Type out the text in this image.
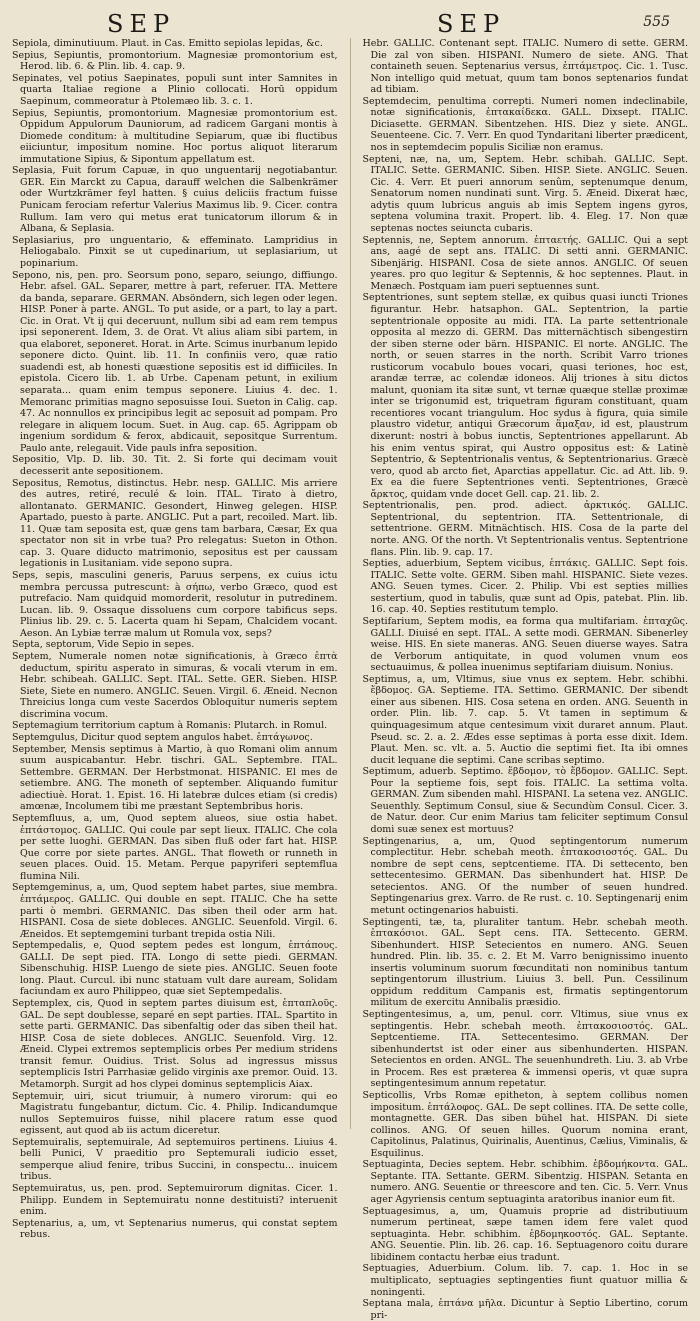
SEP	SEP	555

Sepiola, diminutiuum. Plaut. in Cas. Emitto sepiolas lepidas, &c.

Sepius, Sepiuntis, promontorium. Magnesiæ promontorium est, Herod. lib. 6. & Plin. lib. 4. cap. 9.

Sepinates, vel potius Saepinates, populi sunt inter Samnites in quarta Italiae regione a Plinio collocati. Horū oppidum Saepinum, commeoratur à Ptolemæo lib. 3. c. 1.

Sepius, Sepiuntis, promontorium. Magnesiæ promontorium est. Oppidum Appulorum Dauniorum, ad radicem Gargani montis à Diomede conditum: à multitudine Sepiarum, quæ ibi fluctibus eiiciuntur, impositum nomine. Hoc portus aliquot literarum immutatione Sipius, & Sipontum appellatum est.

Seplasia, Fuit forum Capuæ, in quo unguentarij negotiabantur. GER. Ein Marckt zu Capua, darauff welchen die Salbenkrämer oder Wurtzkrämer feyl hatten. § cuius deliciis fractum fuisse Punicam ferociam refertur Valerius Maximus lib. 9. Cicer. contra Rullum. Iam vero qui metus erat tunicatorum illorum & in Albana, & Seplasia.

Seplasiarius, pro unguentario, & effeminato. Lampridius in Heliogabalo. Pinxit se ut cupedinarium, ut seplasiarium, ut popinarium.

Sepono, nis, pen. pro. Seorsum pono, separo, seiungo, diffiungo. Hebr. afsel. GAL. Separer, mettre à part, referuer. ITA. Mettere da banda, separare. GERMAN. Absöndern, sich legen oder legen. HISP. Poner à parte. ANGL. To put aside, or a part, to lay a part. Cic. in Orat. Vt ij qui deceruunt, nullum sibi ad eam rem tempus ipsi seponerent. Idem, 3. de Orat. Vt alius aliam sibi partem, in qua elaboret, seponeret. Horat. in Arte. Scimus inurbanum lepido seponere dicto. Quint. lib. 11. In confiniis vero, quæ ratio suadendi est, ab honesti quæstione sepositis est id diffiiciles. In epistola. Cicero lib. 1. ab Urbe. Capenam petunt, in exilium separata... quam enim tempus seponere. Liuius 4. dec. 1. Memoranc primitias magno seposuisse Ioui. Sueton in Calig. cap. 47. Ac nonnullos ex principibus legit ac seposuit ad pompam. Pro relegare in aliquem locum. Suet. in Aug. cap. 65. Agrippam ob ingenium sordidum & ferox, abdicauit, sepositque Surrentum. Paulo ante, relegauit. Vide pauls infra seposition.

Sepositio, Vlp. D. lib. 30. Tit. 2. Si forte qui decimam vouit decesserit ante sepositionem.

Sepositus, Remotus, distinctus. Hebr. nesp. GALLIC. Mis arriere des autres, retiré, reculé & loin. ITAL. Tirato à dietro, allontanato. GERMANIC. Gesondert, Hinweg gelegen. HISP. Apartado, puesto à parte. ANGLIC. Put a part, recoiled. Mart. lib. 11. Quæ tam seposita est, quæ gens tam barbara, Cæsar, Ex qua spectator non sit in vrbe tua? Pro relegatus: Sueton in Othon. cap. 3. Quare diducto matrimonio, sepositus est per caussam legationis in Lusitaniam. vide sepono supra.

Seps, sepis, masculini generis, Paruus serpens, ex cuius ictu membra percussa putrescunt: à σήπω, verbo Græco, quod est putrefacio. Nam quidquid momorderit, resolutur in putredinem. Lucan. lib. 9. Ossaque dissoluens cum corpore tabificus seps. Plinius lib. 29. c. 5. Lacerta quam hi Sepam, Chalcidem vocant. Aeson. An Lybiæ terræ malum ut Romula vox, seps?

Septa, septorum, Vide Sepio in sepes.

Septem, Numerale nomen notæ significationis, à Græco ἑπτὰ deductum, spiritu asperato in simuras, & vocali vterum in em. Hebr. schibeah. GALLIC. Sept. ITAL. Sette. GER. Sieben. HISP. Siete, Siete en numero. ANGLIC. Seuen. Virgil. 6. Æneid. Necnon Threicius longa cum veste Sacerdos Obloquitur numeris septem discrimina vocum.

Septemagium territorium captum à Romanis: Plutarch. in Romul.

Septemgulus, Dicitur quod septem angulos habet. ἑπτάγωνος.

September, Mensis septimus à Martio, à quo Romani olim annum suum auspicabantur. Hebr. tischri. GAL. Septembre. ITAL. Settembre. GERMAN. Der Herbstmonat. HISPANIC. El mes de setiembre. ANG. The moneth of september. Aliquando fumitur adiectiuè. Horat. 1. Epist. 16. Hi latebræ dulces etiam (si credis) amœnæ, Incolumem tibi me præstant Septembribus horis.

Septemfluus, a, um, Quod septem alueos, siue ostia habet. ἑπτάστομος. GALLIC. Qui coule par sept lieux. ITALIC. Che cola per sette luoghi. GERMAN. Das siben fluß oder fart hat. HISP. Que corre por siete partes. ANGL. That floweth or runneth in seuen places. Ouid. 15. Metam. Perque papyriferi septemflua flumina Nili.

Septemgeminus, a, um, Quod septem habet partes, siue membra. ἑπτάμερος. GALLIC. Qui double en sept. ITALIC. Che ha sette parti ò membri. GERMANIC. Das siben theil oder arm hat. HISPANI. Cosa de siete dobleces. ANGLIC. Seuenfold. Virgil. 6. Æneidos. Et septemgemini turbant trepida ostia Nili.

Septempedalis, e, Quod septem pedes est longum, ἑπτάπους. GALLI. De sept pied. ITA. Longo di sette piedi. GERMAN. Sibenschuhig. HISP. Luengo de siete pies. ANGLIC. Seuen foote long. Plaut. Curcul. ibi nunc statuam vult dare auream, Solidam faciundam ex auro Philippeo, quæ siet Septempedalis.

Septemplex, cis, Quod in septem partes diuisum est, ἑπταπλοῦς. GAL. De sept doublesse, separé en sept parties. ITAL. Spartito in sette parti. GERMANIC. Das sibenfaltig oder das siben theil hat. HISP. Cosa de siete dobleces. ANGLIC. Seuenfold. Virg. 12. Æneid. Clypei extremos septemplicis orbes Per medium stridens transit femur. Ouidius. Trist. Solus ad ingressus missus septemplicis Istri Parrhasiæ gelido virginis axe premor. Ouid. 13. Metamorph. Surgit ad hos clypei dominus septemplicis Aiax.

Septemuir, uiri, sicut triumuir, à numero virorum: qui eo Magistratu fungebantur, dictum. Cic. 4. Philip. Indicandumque nullos Septemuiros fuisse, nihil placere ratum esse quod egissent, aut quod ab iis actum diceretur.

Septemuiralis, septemuirale, Ad septemuiros pertinens. Liuius 4. belli Punici, V praeditio pro Septemurali iudicio esset, semperque aliud fenire, tribus Succini, in conspectu... inuicem tribus.

Septemuiratus, us, pen. prod. Septemuirorum dignitas. Cicer. 1. Philipp. Eundem in Septemuiratu nonne destituisti? interuenit enim.

Septenarius, a, um, vt Septenarius numerus, qui constat septem rebus.

Hebr. GALLIC. Contenant sept. ITALIC. Numero di sette. GERM. Die zal von siben. HISPANI. Numero de siete. ANG. That containeth seuen. Septenarius versus, ἑπτάμετρος. Cic. 1. Tusc. Non intelligo quid metuat, quum tam bonos septenarios fundat ad tibiam.

Septemdecim, penultima correpti. Numeri nomen indeclinabile, notæ significationis, ἑπτακαίδεκα. GALL. Dixsept. ITALIC. Diciasette. GERMAN. Sibentzehen. HIS. Diez y siete. ANGL. Seuenteene. Cic. 7. Verr. En quod Tyndaritani liberter prædicent, nos in septemdecim populis Siciliæ non eramus.

Septeni, næ, na, um, Septem. Hebr. schibah. GALLIC. Sept. ITALIC. Sette. GERMANIC. Siben. HISP. Siete. ANGLIC. Seuen. Cic. 4. Verr. Et pueri annorum senûm, septenumque denum, Senatorum nomen nundinati sunt. Virg. 5. Æneid. Dixerat hæc, adytis quum lubricus anguis ab imis Septem ingens gyros, septena volumina traxit. Propert. lib. 4. Eleg. 17. Non quæ septenas noctes seiuncta cubaris.

Septennis, ne, Septem annorum. ἑπταετής. GALLIC. Qui a sept ans, aagé de sept ans. ITALIC. Di setti anni. GERMANIC. Sibenjärig. HISPANI. Cosa de siete annos. ANGLIC. Of seuen yeares. pro quo legitur & Septennis, & hoc septennes. Plaut. in Menæch. Postquam iam pueri septuennes sunt.

Septentriones, sunt septem stellæ, ex quibus quasi iuncti Triones figurantur. Hebr. hatsaphon. GAL. Septentrion, la partie septentrionale opposite au midi. ITA. La parte settentrionale opposita al mezzo di. GERM. Das mitternächtisch sibengestirn der siben sterne oder bärn. HISPANIC. El norte. ANGLIC. The north, or seuen starres in the north. Scribit Varro triones rusticorum vocabulo boues vocari, quasi teriones, hoc est, arandæ terræ, ac colendæ idoneos. Alij triones à situ dictos malunt, quoniam ita sitæ sunt, vt ternæ quæque stellæ proximæ inter se trigonumid est, triquetram figuram constituant, quam recentiores vocant triangulum. Hoc sydus à figura, quia simile plaustro videtur, antiqui Græcorum ἅμαξαν, id est, plaustrum dixerunt: nostri à bobus iunctis, Septentriones appellarunt. Ab his enim ventus spirat, qui Austro oppositus est: & Latinè Septentrio, & Septentrionalis ventus, & Septentrionarius. Græcè vero, quod ab arcto fiet, Aparctias appellatur. Cic. ad Att. lib. 9. Ex ea die fuere Septentriones venti. Septentriones, Græcè ἄρκτος, quidam vnde docet Gell. cap. 21. lib. 2.

Septentrionalis, pen. prod. adiect. ἀρκτικός. GALLIC. Septentrional, du septentrion. ITA. Settentrionale, di settentrione. GERM. Mitnächtisch. HIS. Cosa de la parte del norte. ANG. Of the north. Vt Septentrionalis ventus. Septentrione flans. Plin. lib. 9. cap. 17.

Septies, aduerbium, Septem vicibus, ἑπτάκις. GALLIC. Sept fois. ITALIC. Sette volte. GERM. Siben mahl. HISPANIC. Siete vezes. ANG. Seuen tymes. Cicer. 2. Philip. Vbi est septies millies sestertium, quod in tabulis, quæ sunt ad Opis, patebat. Plin. lib. 16. cap. 40. Septies restitutum templo.

Septifarium, Septem modis, ea forma qua multifariam. ἑπταχῶς. GALLI. Diuisé en sept. ITAL. A sette modi. GERMAN. Sibenerley weise. HIS. En siete maneras. ANG. Seuen diuerse wayes. Satra de Verborum antiquitate, in quod volumen vnum eos sectuauimus, & pollea inuenimus septifariam diuisum. Nonius.

Septimus, a, um, Vltimus, siue vnus ex septem. Hebr. schibhi. ἕβδομος. GA. Septieme. ITA. Settimo. GERMANIC. Der sibendt einer aus sibenen. HIS. Cosa setena en orden. ANG. Seuenth in order. Plin. lib. 7. cap. 5. Vt tamen in septimum & quinquagesimum atque centesimum vixit duraret annum. Plaut. Pseud. sc. 2. a. 2. Ædes esse septimas à porta esse dixit. Idem. Plaut. Men. sc. vlt. a. 5. Auctio die septimi fiet. Ita ibi omnes ducit lequane die septimi. Cane scribas septimo.

Septimum, aduerb. Septimo. ἕβδομον, τὸ ἕβδομον. GALLIC. Sept. Pour la septieme fois, sept fois. ITALIC. La settima volta. GERMAN. Zum sibenden mahl. HISPANI. La setena vez. ANGLIC. Seuenthly. Septimum Consul, siue & Secundùm Consul. Cicer. 3. de Natur. deor. Cur enim Marius tam feliciter septimum Consul domi suæ senex est mortuus?

Septingenarius, a, um, Quod septingentorum numerum complectitur. Hebr. schebah meoth. ἑπτακοσιοστός. GAL. Du nombre de sept cens, septcentieme. ITA. Di settecento, ben settecentesimo. GERMAN. Das sibenhundert hat. HISP. De setecientos. ANG. Of the number of seuen hundred. Septingenarius grex. Varro. de Re rust. c. 10. Septingenarij enim metunt octingenarios habuisti.

Septingenti, tæ, ta, pluraliter tantum. Hebr. schebah meoth. ἑπτακόσιοι. GAL. Sept cens. ITA. Settecento. GERM. Sibenhundert. HISP. Setecientos en numero. ANG. Seuen hundred. Plin. lib. 35. c. 2. Et M. Varro benignissimo inuento insertis voluminum suorum fœcunditati non nominibus tantum septingentorum illustrium. Liuius 3. bell. Pun. Cessilinum oppidum redditum Campanis est, firmatis septingentorum militum de exercitu Annibalis præsidio.

Septingentesimus, a, um, penul. corr. Vltimus, siue vnus ex septingentis. Hebr. schebah meoth. ἑπτακοσιοστός. GAL. Septcentieme. ITA. Settecentesimo. GERMAN. Der sibenhundertst ist oder einer aus sibenhunderten. HISPAN. Setecientos en orden. ANGL. The seuenhundreth. Liu. 3. ab Vrbe in Procem. Res est præterea & immensi operis, vt quæ supra septingentesimum annum repetatur.

Septicollis, Vrbs Romæ epitheton, à septem collibus nomen impositum. ἑπτάλοφος. GAL. De sept collines. ITA. De sette colle, montagnette. GER. Das siben bühel hat. HISPAN. Di siete collinos. ANG. Of seuen hilles. Quorum nomina erant, Capitolinus, Palatinus, Quirinalis, Auentinus, Cælius, Viminalis, & Esquilinus.

Septuaginta, Decies septem. Hebr. schibhim. ἑβδομήκοντα. GAL. Septante. ITA. Settante. GERM. Sibentzig. HISPAN. Setanta en numero. ANG. Seuentie or threescore and ten. Cic. 5. Verr. Vnus ager Agyriensis centum septuaginta aratoribus inanior eum fit.

Septuagesimus, a, um, Quamuis proprie ad distributiuum numerum pertineat, sæpe tamen idem fere valet quod septuaginta. Hebr. schibhim. ἑβδομηκοστός. GAL. Septante. ANG. Seuentie. Plin. lib. 26. cap. 16. Septuagenoro coitu durare libidinem contactu herbæ eius tradunt.

Septuagies, Aduerbium. Colum. lib. 7. cap. 1. Hoc in se multiplicato, septuagies septingenties fiunt quatuor millia & noningenti.

Septana mala, ἑπτάνα μῆλα. Dicuntur à Septio Libertino, corum pri-
